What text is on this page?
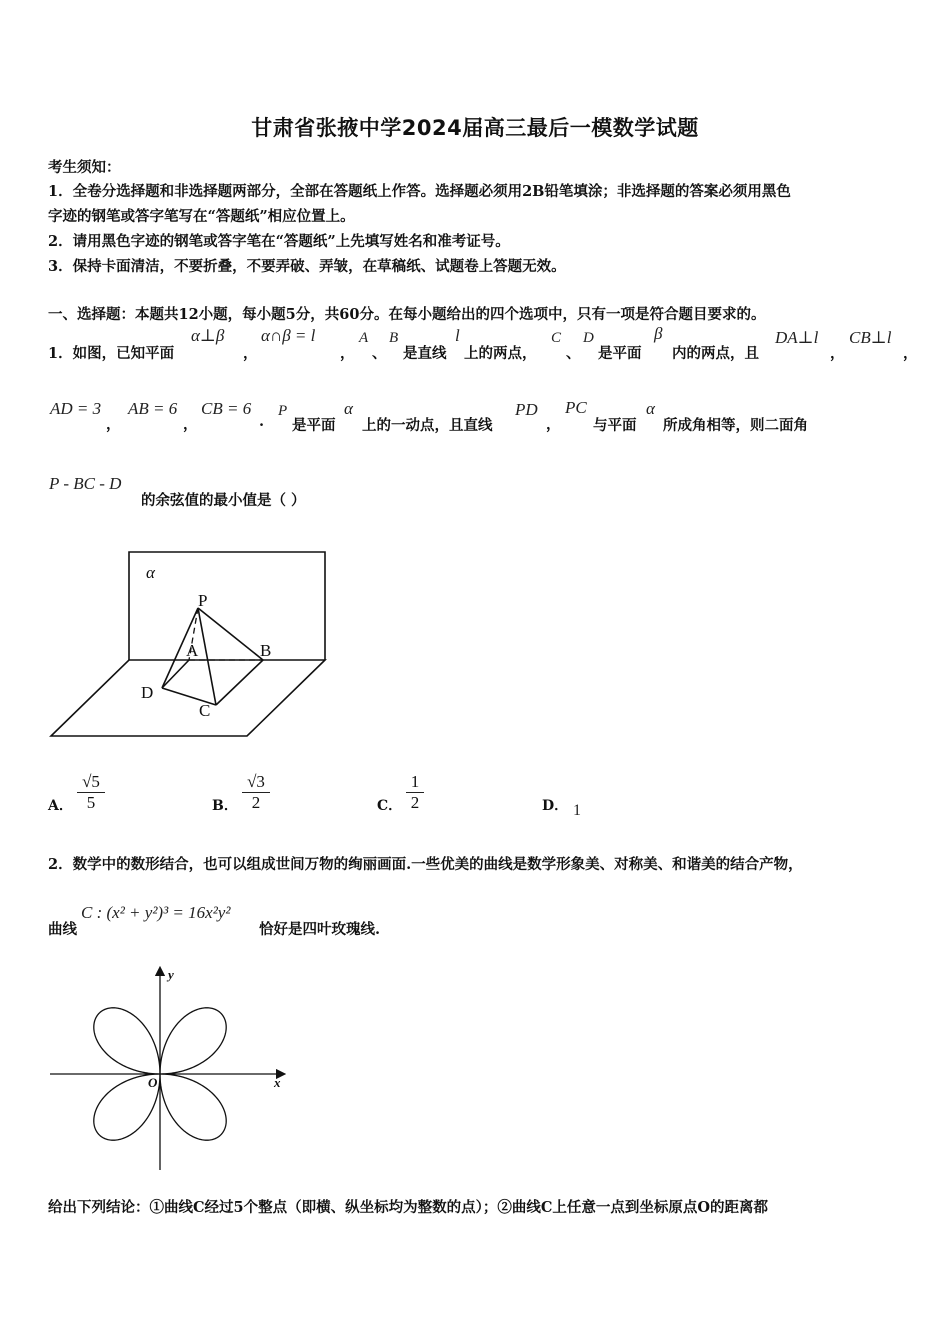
甘肃省张掖中学2024届高三最后一模数学试题
考生须知：
1．全卷分选择题和非选择题两部分，全部在答题纸上作答。选择题必须用2B铅笔填涂；非选择题的答案必须用黑色
字迹的钢笔或答字笔写在“答题纸”相应位置上。
2．请用黑色字迹的钢笔或答字笔在“答题纸”上先填写姓名和准考证号。
3．保持卡面清洁，不要折叠，不要弄破、弄皱，在草稿纸、试题卷上答题无效。
一、选择题：本题共12小题，每小题5分，共60分。在每小题给出的四个选项中，只有一项是符合题目要求的。
1．如图，已知平面
α⊥β
，
α∩β = l
，
A
、
B
是直线
l
上的两点，
C
、
D
是平面
β
内的两点，且
DA⊥l
，
CB⊥l
，
AD = 3
，
AB = 6
，
CB = 6
.
P
是平面
α
上的一动点，且直线
PD
，
PC
与平面
α
所成角相等，则二面角
P - BC - D
的余弦值的最小值是（ ）
α
P
A	B
D
C
A． $\frac{√5}{5}$	B． $\frac{√3}{2}$	C． $\frac{1}{2}$	D． 1
2．数学中的数形结合，也可以组成世间万物的绚丽画面.一些优美的曲线是数学形象美、对称美、和谐美的结合产物，
曲线
C : (x² + y²)³ = 16x²y²
恰好是四叶玫瑰线.
y
x
O
给出下列结论：①曲线C经过5个整点（即横、纵坐标均为整数的点）；②曲线C上任意一点到坐标原点O的距离都
